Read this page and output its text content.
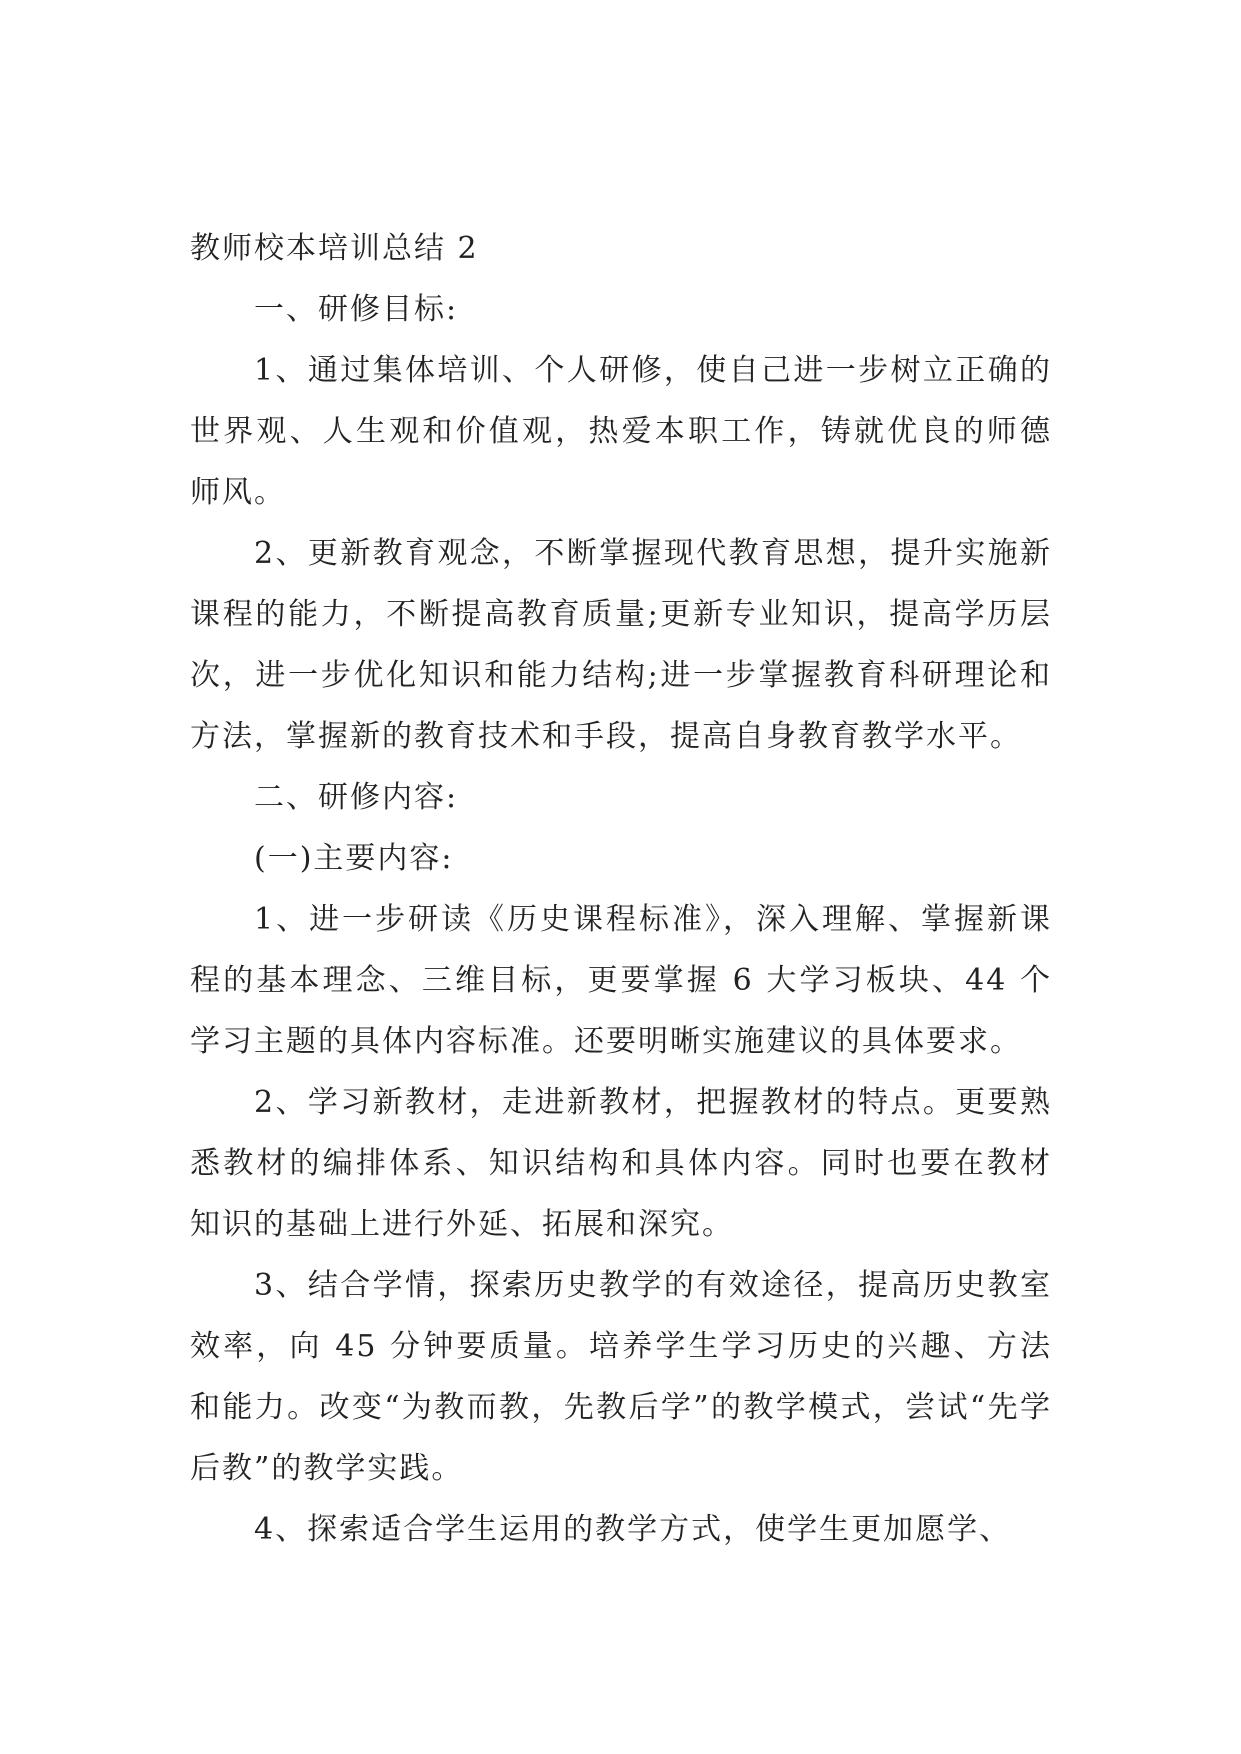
教师校本培训总结 2

一、研修目标:

1、通过集体培训、个人研修，使自己进一步树立正确的世界观、人生观和价值观，热爱本职工作，铸就优良的师德师风。

2、更新教育观念，不断掌握现代教育思想，提升实施新课程的能力，不断提高教育质量;更新专业知识，提高学历层次，进一步优化知识和能力结构;进一步掌握教育科研理论和方法，掌握新的教育技术和手段，提高自身教育教学水平。

二、研修内容:

(一)主要内容:

1、进一步研读《历史课程标准》，深入理解、掌握新课程的基本理念、三维目标，更要掌握 6 大学习板块、44 个学习主题的具体内容标准。还要明晰实施建议的具体要求。

2、学习新教材，走进新教材，把握教材的特点。更要熟悉教材的编排体系、知识结构和具体内容。同时也要在教材知识的基础上进行外延、拓展和深究。

3、结合学情，探索历史教学的有效途径，提高历史教室效率，向 45 分钟要质量。培养学生学习历史的兴趣、方法和能力。改变“为教而教，先教后学”的教学模式，尝试“先学后教”的教学实践。

4、探索适合学生运用的教学方式，使学生更加愿学、
